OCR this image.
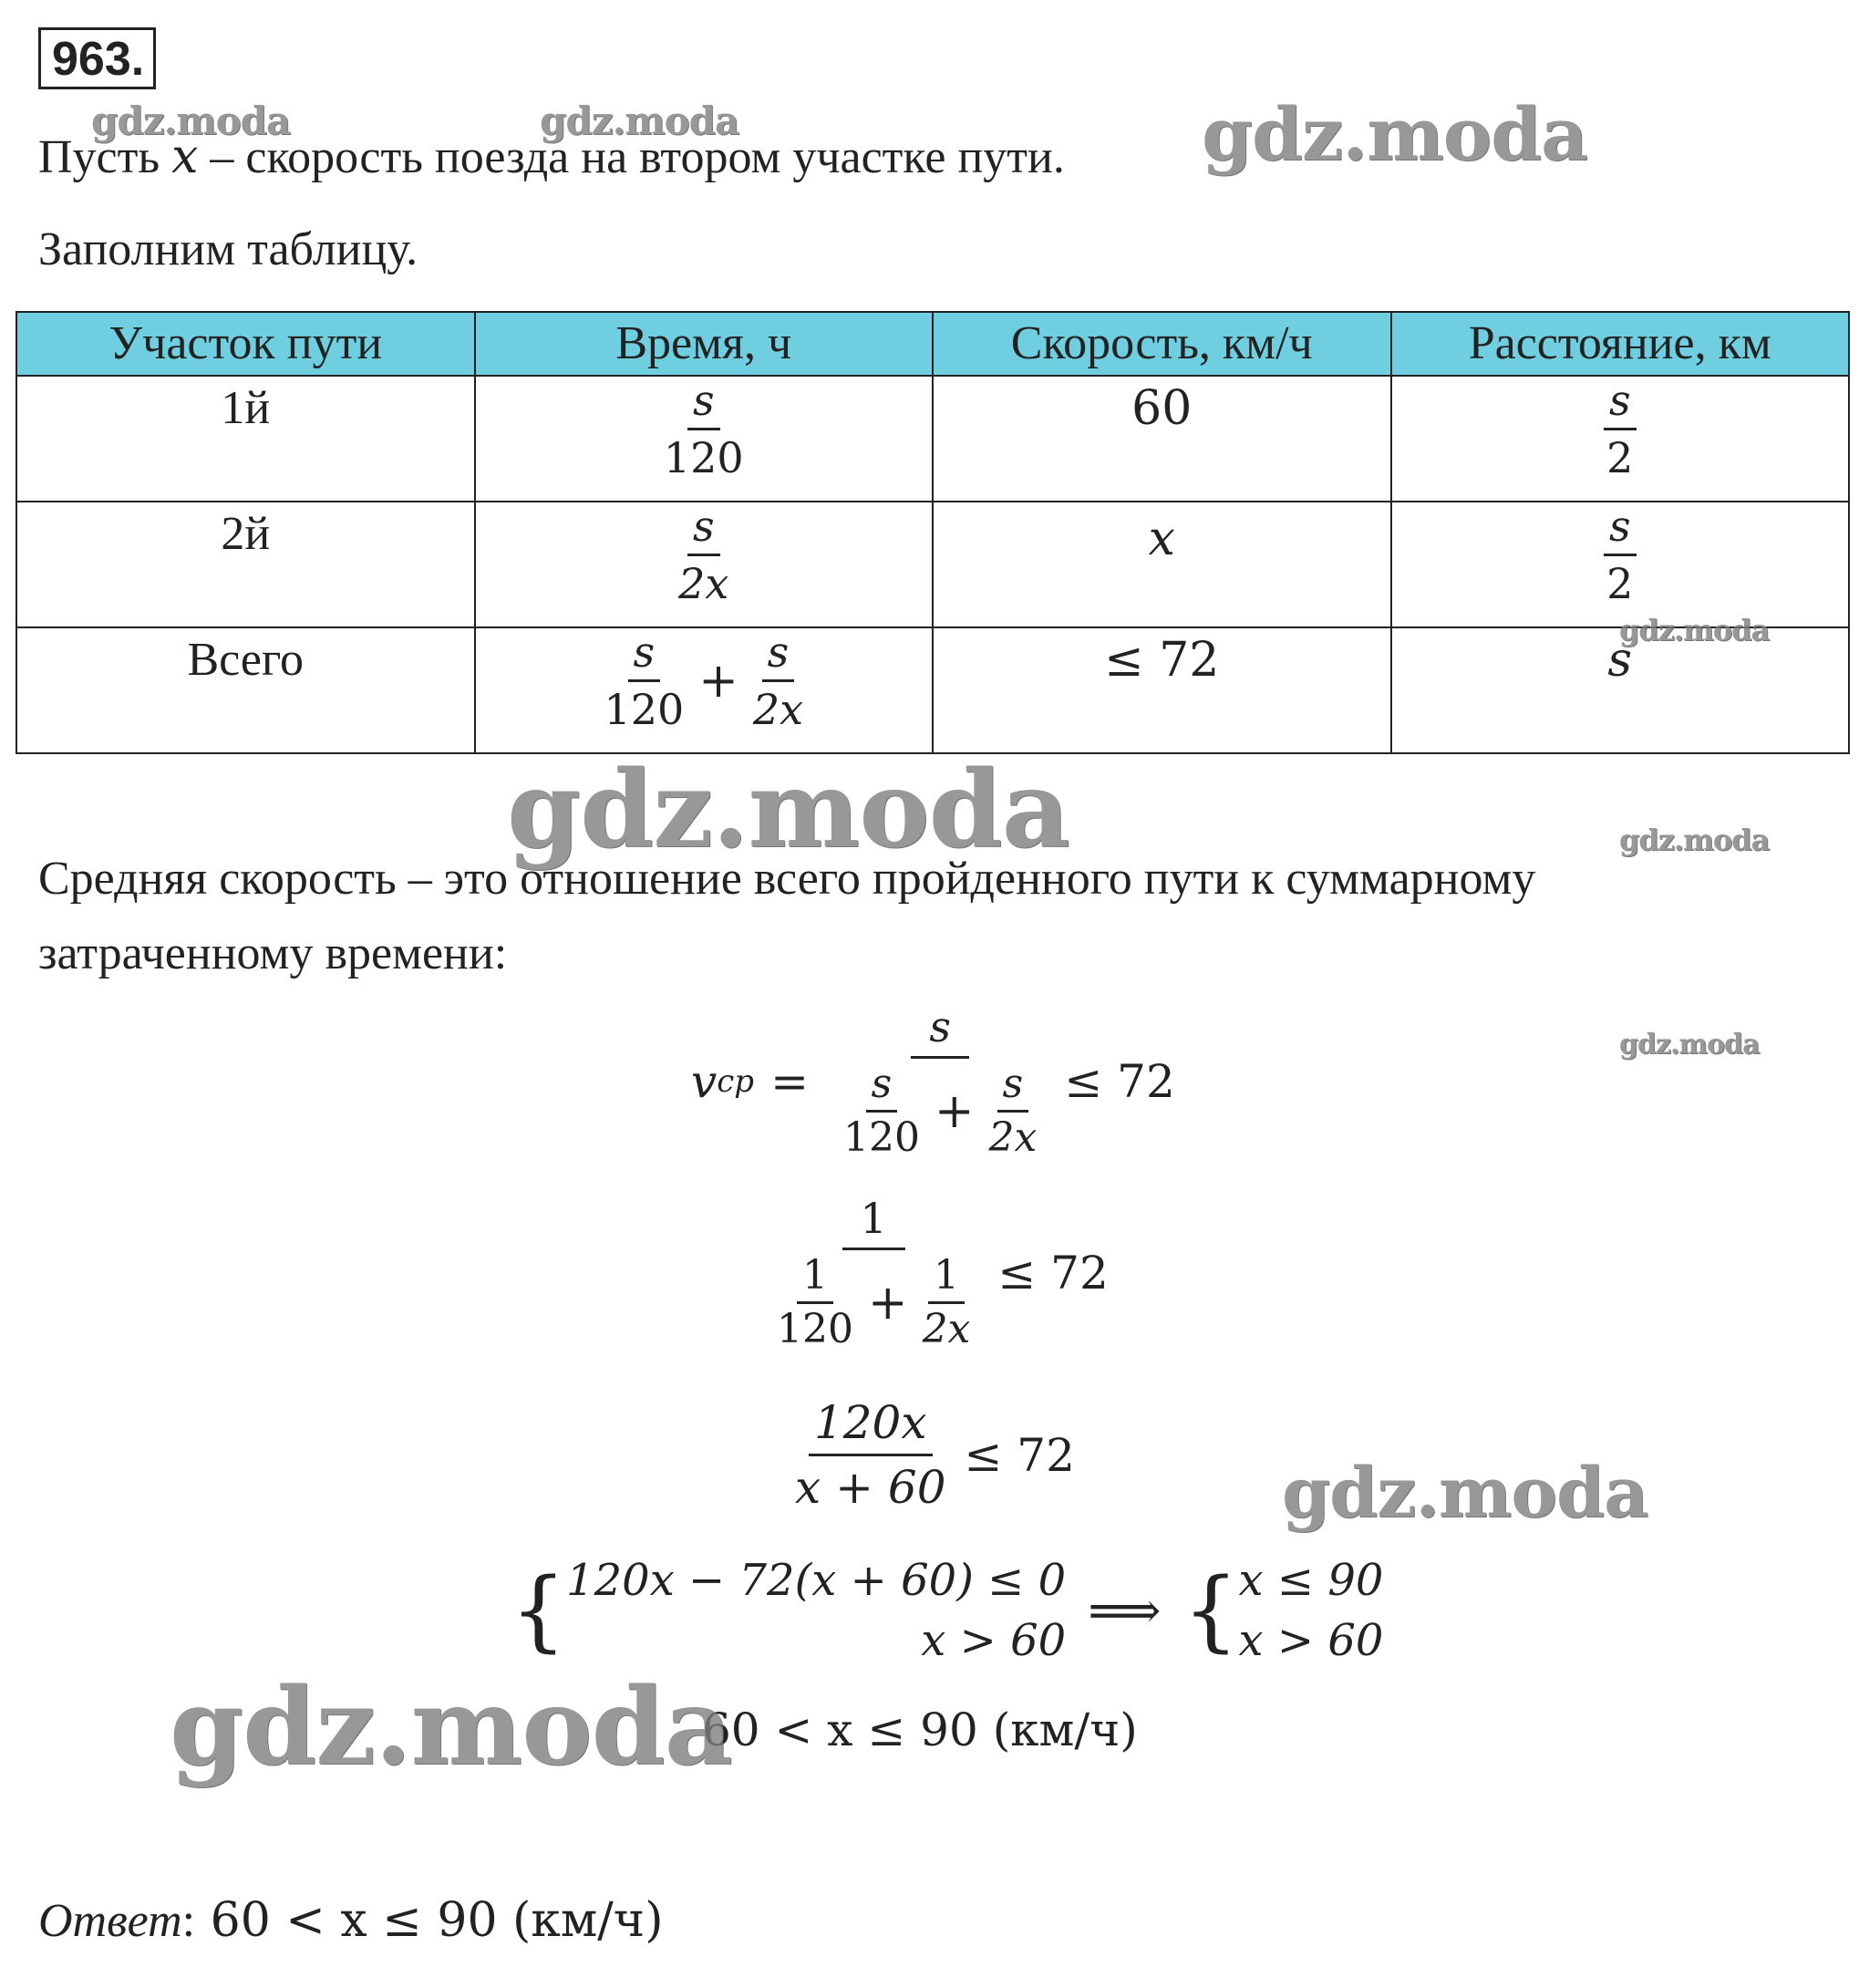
963.
Пусть x – скорость поезда на втором участке пути.
Заполним таблицу.
Участок пути	Время, ч	Скорость, км/ч	Расстояние, км
1й	$\frac{s}{120}$	60	$\frac{s}{2}$

2й	$\frac{s}{2x}$	x	$\frac{s}{2}$

Всего	$\frac{s}{120} + \frac{s}{2x}$	≤ 72	s
Средняя скорость – это отношение всего пройденного пути к суммарному
затраченному времени:
v cp = $\frac{s}{\frac{s}{120} + \frac{s}{2x}} \le 72$
$\frac{1}{\frac{1}{120} + \frac{1}{2x}} \le 72$
$\frac{120x}{x + 60} \le 72$
{ 120x − 72(x + 60) ≤ 0
x > 60
⟹ { x ≤ 90
x > 60
60 < x ≤ 90 (км/ч)
Ответ: 60 < x ≤ 90 (км/ч)
gdz.moda	gdz.moda	gdz.moda
gdz.moda
gdz.moda	gdz.moda
gdz.moda
gdz.moda
gdz.moda
